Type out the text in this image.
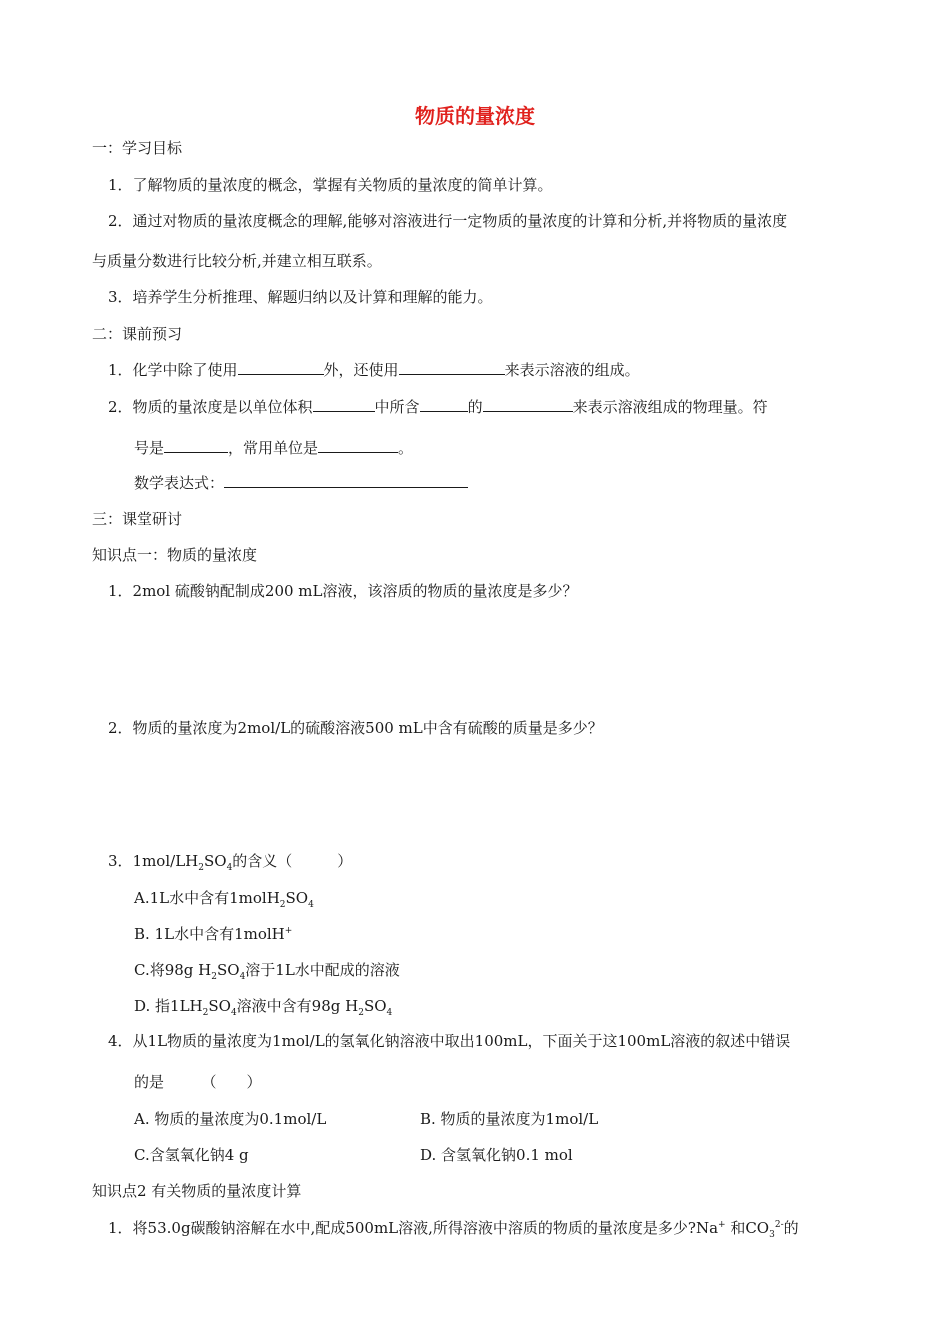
物质的量浓度
一：学习目标
1．了解物质的量浓度的概念，掌握有关物质的量浓度的简单计算。
2．通过对物质的量浓度概念的理解,能够对溶液进行一定物质的量浓度的计算和分析,并将物质的量浓度
与质量分数进行比较分析,并建立相互联系。
3．培养学生分析推理、解题归纳以及计算和理解的能力。
二：课前预习
1．化学中除了使用	外，还使用	来表示溶液的组成。
2．物质的量浓度是以单位体积	中所含	的	来表示溶液组成的物理量。符
号是	，常用单位是	。
数学表达式：
三：课堂研讨
知识点一：物质的量浓度
1．2mol 硫酸钠配制成200 mL溶液，该溶质的物质的量浓度是多少？
2．物质的量浓度为2mol/L的硫酸溶液500 mL中含有硫酸的质量是多少？
3．$1mol/LH_2SO_4$的含义（　　　）
A.1L水中含有$1molH_2SO_4$
B. 1L水中含有1molH+
C.将98g $H_2SO_4$溶于1L水中配成的溶液
D. 指$1LH_2SO_4$溶液中含有98g $H_2SO_4$
4．从1L物质的量浓度为1mol/L的氢氧化钠溶液中取出100mL，下面关于这100mL溶液的叙述中错误
的是　　　（　　）
A. 物质的量浓度为0.1mol/L	B. 物质的量浓度为1mol/L
C.含氢氧化钠4 g	D. 含氢氧化钠0.1 mol
知识点2 有关物质的量浓度计算
1．将53.0g碳酸钠溶解在水中,配成500mL溶液,所得溶液中溶质的物质的量浓度是多少?Na+ 和$CO_3^{2-}$的
